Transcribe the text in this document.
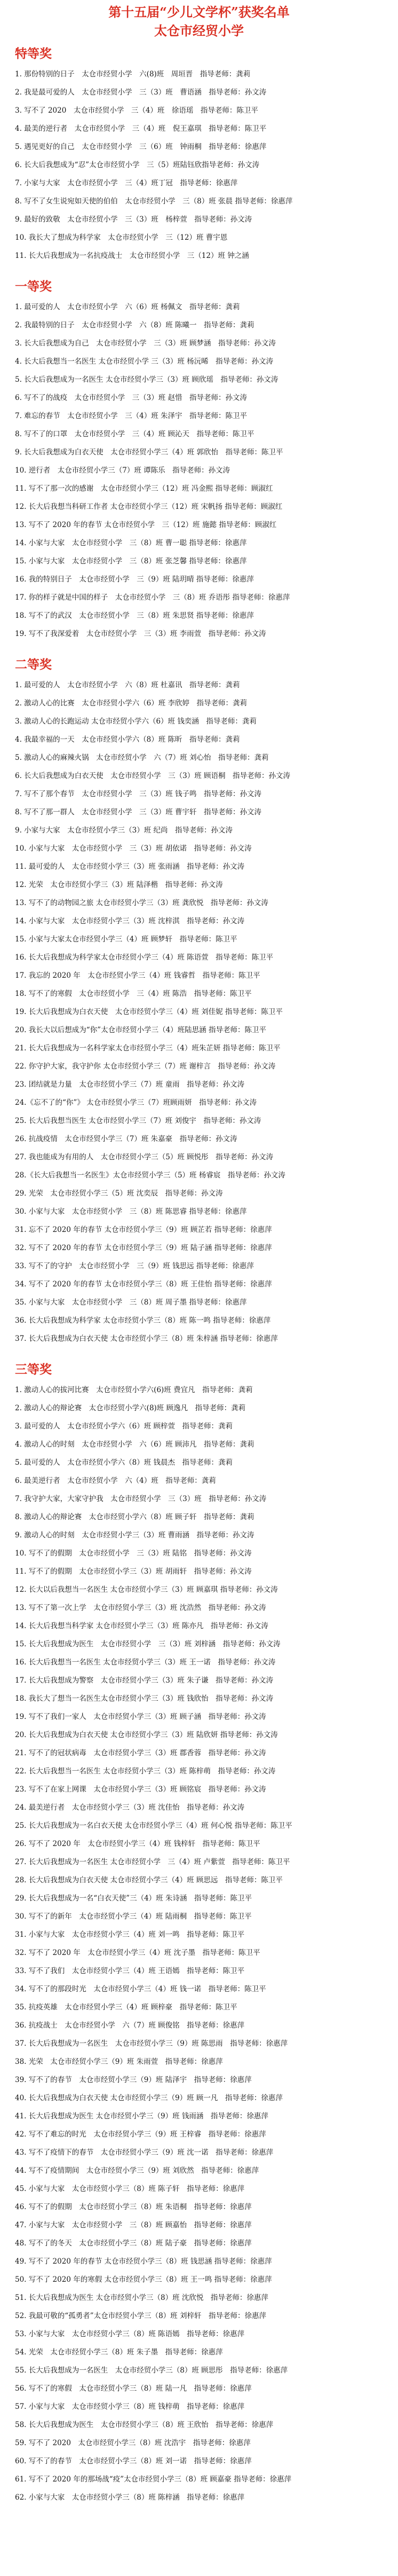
第十五届“少儿文学杯”获奖名单
太仓市经贸小学
特等奖
1. 那份特别的日子　太仓市经贸小学　六(8)班　周垣晋　指导老师：龚莉
2. 我是最可爱的人　太仓市经贸小学　三（3）班　曹语涵　指导老师：孙文涛
3. 写不了 2020　太仓市经贸小学　三（4）班　徐语瑶　指导老师：陈卫平
4. 最美的逆行者　太仓市经贸小学　三（4）班　倪王嘉琪　指导老师：陈卫平
5. 遇见更好的自己　太仓市经贸小学　三（6）班　钟雨桐　指导老师：徐惠萍
6. 长大后我想成为“忍”太仓市经贸小学　三（5）班陆钰欣指导老师：孙文涛
7. 小家与大家　太仓市经贸小学　三（4）班丁冠　指导老师：徐惠萍
8. 写不了女生说宛如天使的伯伯　太仓市经贸小学　三（8）班 张晨 指导老师：徐惠萍
9. 最好的致敬　太仓市经贸小学　三（3）班　杨梓萱　指导老师：孙文涛
10. 我长大了想成为科学家　太仓市经贸小学　三（12）班 曹宇恩
11. 长大后我想成为一名抗疫战士　太仓市经贸小学　三（12）班 钟之涵
一等奖
1. 最可爱的人　太仓市经贸小学　六（6）班 杨佩文　指导老师：龚莉
2. 我最特别的日子　太仓市经贸小学　六（8）班 陈曦一　指导老师：龚莉
3. 长大后我想成为自己　太仓市经贸小学　三（3）班 顾梦涵　指导老师：孙文涛
4. 长大后我想当一名医生 太仓市经贸小学 三（3）班 杨沅晞　指导老师：孙文涛
5. 长大后我想成为一名医生 太仓市经贸小学三（3）班 顾欣瑶　指导老师：孙文涛
6. 写不了的战疫　太仓市经贸小学　三（3）班 赵惜　指导老师：孙文涛
7. 难忘的春节　太仓市经贸小学　三（4）班 朱泽宇　指导老师：陈卫平
8. 写不了的口罩　太仓市经贸小学　三（4）班 顾沁天　指导老师：陈卫平
9. 长大后我想成为白衣天使　太仓市经贸小学三（4）班 郭欣怡　指导老师：陈卫平
10. 逆行者　太仓市经贸小学三（7）班 谭陈乐　指导老师：孙文涛
11. 写不了那一次的感谢　太仓市经贸小学三（12）班 冯金熙 指导老师：顾淑红
12. 长大后我想当科研工作者 太仓市经贸小学三（12）班 宋帆扬 指导老师：顾淑红
13. 写不了 2020 年的春节 太仓市经贸小学　三（12）班 施懿 指导老师：顾淑红
14. 小家与大家　太仓市经贸小学　三（8）班 曹一聪 指导老师：徐惠萍
15. 小家与大家　太仓市经贸小学　三（8）班 张芝馨 指导老师：徐惠萍
16. 我的特别日子　太仓市经贸小学　三（9）班 陆玥晴 指导老师：徐惠萍
17. 你的样子就是中国的样子　太仓市经贸小学　三（8）班 乔语彤 指导老师：徐惠萍
18. 写不了的武汉　太仓市经贸小学　三（8）班 朱思贤 指导老师：徐惠萍
19. 写不了我深爱着　太仓市经贸小学　三（3）班 李雨萱　指导老师：孙文涛
二等奖
1. 最可爱的人　太仓市经贸小学　六（8）班 杜嘉讯　指导老师：龚莉
2. 激动人心的比赛　太仓市经贸小学六（6）班 李欣婷　指导老师：龚莉
3. 激动人心的长跑运动 太仓市经贸小学六（6）班 钱奕涵　指导老师：龚莉
4. 我最幸福的一天　太仓市经贸小学六（8）班 陈昕　指导老师：龚莉
5. 激动人心的麻辣火锅　太仓市经贸小学　六（7）班 刘心怡　指导老师：龚莉
6. 长大后我想成为白衣天使　太仓市经贸小学　三（3）班 顾语桐　指导老师：孙文涛
7. 写不了那个春节　太仓市经贸小学　三（3）班 钱子鸣　指导老师：孙文涛
8. 写不了那一群人　太仓市经贸小学　三（3）班 曹宇轩　指导老师：孙文涛
9. 小家与大家　太仓市经贸小学三（3）班 纪尚　指导老师：孙文涛
10. 小家与大家　太仓市经贸小学　三（3）班 胡依诺　指导老师：孙文涛
11. 最可爱的人　太仓市经贸小学三（3）班 张雨涵　指导老师：孙文涛
12. 光荣　太仓市经贸小学三（3）班 陆泽楷　指导老师：孙文涛
13. 写不了的动物园之旅 太仓市经贸小学三（3）班 龚欣悦　指导老师：孙文涛
14. 小家与大家　太仓市经贸小学三（3）班 沈梓淇　指导老师：孙文涛
15. 小家与大家太仓市经贸小学三（4）班 顾梦轩　指导老师：陈卫平
16. 长大后我想成为科学家太仓市经贸小学三（4）班 陈语萱　指导老师：陈卫平
17. 我忘的 2020 年　太仓市经贸小学三（4）班 钱睿哲　指导老师：陈卫平
18. 写不了的寒假　太仓市经贸小学　三（4）班 陈浩　指导老师：陈卫平
19. 长大后我想成为白衣天使　太仓市经贸小学三（4）班 刘佳妮 指导老师：陈卫平
20. 我长大以后想成为“你”太仓市经贸小学三（4）班陆思涵 指导老师：陈卫平
21. 长大后我想成为一名科学家太仓市经贸小学三（4）班朱芷妍 指导老师：陈卫平
22. 你守护大家，我守护你 太仓市经贸小学三（7）班 谢梓言　指导老师：孙文涛
23. 团结就是力量　太仓市经贸小学三（7）班 童雨　指导老师：孙文涛
24.《忘不了的“你”》 太仓市经贸小学三（7）班顾雨妍　指导老师：孙文涛
25. 长大后我想当医生 太仓市经贸小学三（7）班 刘俊宇　指导老师：孙文涛
26. 抗战疫情　太仓市经贸小学三（7）班 朱嘉豪　指导老师：孙文涛
27. 我也能成为有用的人　太仓市经贸小学三（5）班 顾悦彤　指导老师：孙文涛
28.《长大后我想当一名医生》太仓市经贸小学三（5）班 杨睿宸　指导老师：孙文涛
29. 光荣　太仓市经贸小学三（5）班 沈奕辰　指导老师：孙文涛
30. 小家与大家　太仓市经贸小学　三（8）班 陈思睿 指导老师：徐惠萍
31. 忘不了 2020 年的春节 太仓市经贸小学三（9）班 顾芷若 指导老师：徐惠萍
32. 写不了 2020 年的春节 太仓市经贸小学三（9）班 陆子涵 指导老师：徐惠萍
33. 写不了的守护　太仓市经贸小学　三（9）班 钱思远 指导老师：徐惠萍
34. 写不了 2020 年的春节 太仓市经贸小学三（8）班 王佳怡 指导老师：徐惠萍
35. 小家与大家　太仓市经贸小学　三（8）班 周子墨 指导老师：徐惠萍
36. 长大后我想成为科学家 太仓市经贸小学三（8）班 陈一鸣 指导老师：徐惠萍
37. 长大后我想成为白衣天使 太仓市经贸小学三（8）班 朱梓涵 指导老师：徐惠萍
三等奖
1. 激动人心的拔河比赛　太仓市经贸小学六(6)班 费宜凡　指导老师：龚莉
2. 激动人心的辩论赛　太仓市经贸小学六(8)班 顾逸凡　指导老师：龚莉
3. 最可爱的人　太仓市经贸小学六（6）班 顾梓萱　指导老师：龚莉
4. 激动人心的时刻　太仓市经贸小学　六（6）班 顾沛凡　指导老师：龚莉
5. 最可爱的人　太仓市经贸小学六（8）班 钱晨杰　指导老师：龚莉
6. 最美逆行者　太仓市经贸小学　六（4）班　指导老师：龚莉
7. 我守护大家，大家守护我　太仓市经贸小学　三（3）班　指导老师：孙文涛
8. 激动人心的辩论赛　太仓市经贸小学六（8）班 顾子轩　指导老师：龚莉
9. 激动人心的时刻　太仓市经贸小学三（3）班 曹雨涵　指导老师：孙文涛
10. 写不了的假期　太仓市经贸小学　三（3）班 陆铭　指导老师：孙文涛
11. 写不了的假期　太仓市经贸小学三（3）班 胡雨轩　指导老师：孙文涛
12. 长大以后我想当一名医生 太仓市经贸小学三（3）班 顾嘉琪 指导老师：孙文涛
13. 写不了第一次上学　太仓市经贸小学三（3）班 沈浩然　指导老师：孙文涛
14. 长大后我想当科学家 太仓市经贸小学三（3）班 陈亦凡　指导老师：孙文涛
15. 长大后我想成为医生　太仓市经贸小学　三（3）班 刘梓涵　指导老师：孙文涛
16. 长大后我想当一名医生 太仓市经贸小学三（3）班 王一诺　指导老师：孙文涛
17. 长大后我想成为警察　太仓市经贸小学三（3）班 朱子谦　指导老师：孙文涛
18. 我长大了想当一名医生太仓市经贸小学三（3）班 钱欣怡　指导老师：孙文涛
19. 写不了我们一家人　太仓市经贸小学三（3）班 顾子涵　指导老师：孙文涛
20. 长大后我想成为白衣天使 太仓市经贸小学三（3）班 陆欣妍 指导老师：孙文涛
21. 写不了的冠状病毒　太仓市经贸小学三（3）班 郡香蓉　指导老师：孙文涛
22. 长大后我想当一名医生 太仓市经贸小学三（3）班 陈梓萌　指导老师：孙文涛
23. 写不了在家上网课　太仓市经贸小学三（3）班 顾铭宸　指导老师：孙文涛
24. 最美逆行者　太仓市经贸小学三（3）班 沈佳怡　指导老师：孙文涛
25. 长大后我想成为一名白衣天使 太仓市经贸小学三（4）班 何心悦 指导老师：陈卫平
26. 写不了 2020 年　太仓市经贸小学三（4）班 钱梓轩　指导老师：陈卫平
27. 长大后我想成为一名医生 太仓市经贸小学　三（4）班 卢紫萱　指导老师：陈卫平
28. 长大后我想成为白衣天使 太仓市经贸小学三（4）班 顾思远　指导老师：陈卫平
29. 长大后我想成为一名“白衣天使”三（4）班 朱诗涵　指导老师：陈卫平
30. 写不了的新年　太仓市经贸小学三（4）班 陆雨桐　指导老师：陈卫平
31. 小家与大家　太仓市经贸小学三（4）班 刘一鸣　指导老师：陈卫平
32. 写不了 2020 年　太仓市经贸小学三（4）班 沈子墨　指导老师：陈卫平
33. 写不了我们　太仓市经贸小学三（4）班 王语嫣　指导老师：陈卫平
34. 写不了的那段时光　太仓市经贸小学三（4）班 钱一诺　指导老师：陈卫平
35. 抗疫英雄　太仓市经贸小学三（4）班 顾梓豪　指导老师：陈卫平
36. 抗疫战士　太仓市经贸小学　六（7）班 顾俊铭　指导老师：徐惠萍
37. 长大后我想成为一名医生　太仓市经贸小学三（9）班 陈思雨　指导老师：徐惠萍
38. 光荣　太仓市经贸小学三（9）班 朱雨萱　指导老师：徐惠萍
39. 写不了的春节　太仓市经贸小学三（9）班 陆泽宇　指导老师：徐惠萍
40. 长大后我想成为白衣天使 太仓市经贸小学三（9）班 顾一凡　指导老师：徐惠萍
41. 长大后我想成为医生 太仓市经贸小学三（9）班 钱雨涵　指导老师：徐惠萍
42. 写不了难忘的时光　太仓市经贸小学三（9）班 王梓睿　指导老师：徐惠萍
43. 写不了疫情下的春节　太仓市经贸小学三（9）班 沈一诺　指导老师：徐惠萍
44. 写不了疫情期间　太仓市经贸小学三（9）班 刘欣然　指导老师：徐惠萍
45. 小家与大家　太仓市经贸小学三（8）班 陈子轩　指导老师：徐惠萍
46. 写不了的假期　太仓市经贸小学三（8）班 朱语桐　指导老师：徐惠萍
47. 小家与大家　太仓市经贸小学　三（8）班 顾嘉怡　指导老师：徐惠萍
48. 写不了的冬天　太仓市经贸小学三（8）班 陆子豪　指导老师：徐惠萍
49. 写不了 2020 年的春节 太仓市经贸小学三（8）班 钱思涵 指导老师：徐惠萍
50. 写不了 2020 年的寒假 太仓市经贸小学三（8）班 王一鸣 指导老师：徐惠萍
51. 长大后我想成为医生 太仓市经贸小学三（8）班 沈欣悦　指导老师：徐惠萍
52. 我最可敬的“孤勇者”太仓市经贸小学三（8）班 刘梓轩　指导老师：徐惠萍
53. 小家与大家　太仓市经贸小学三（8）班 陈语嫣　指导老师：徐惠萍
54. 光荣　太仓市经贸小学三（8）班 朱子墨　指导老师：徐惠萍
55. 长大后我想成为一名医生　太仓市经贸小学三（8）班 顾思彤　指导老师：徐惠萍
56. 写不了的寒假　太仓市经贸小学三（8）班 陆一凡　指导老师：徐惠萍
57. 小家与大家　太仓市经贸小学三（8）班 钱梓萌　指导老师：徐惠萍
58. 长大后我想成为医生　太仓市经贸小学三（8）班 王欣怡　指导老师：徐惠萍
59. 写不了 2020　太仓市经贸小学三（8）班 沈浩宇　指导老师：徐惠萍
60. 写不了的春节　太仓市经贸小学三（8）班 刘一诺　指导老师：徐惠萍
61. 写不了 2020 年的那场战“疫”太仓市经贸小学三（8）班 顾嘉豪 指导老师：徐惠萍
62. 小家与大家　太仓市经贸小学三（8）班 陈梓涵　指导老师：徐惠萍
